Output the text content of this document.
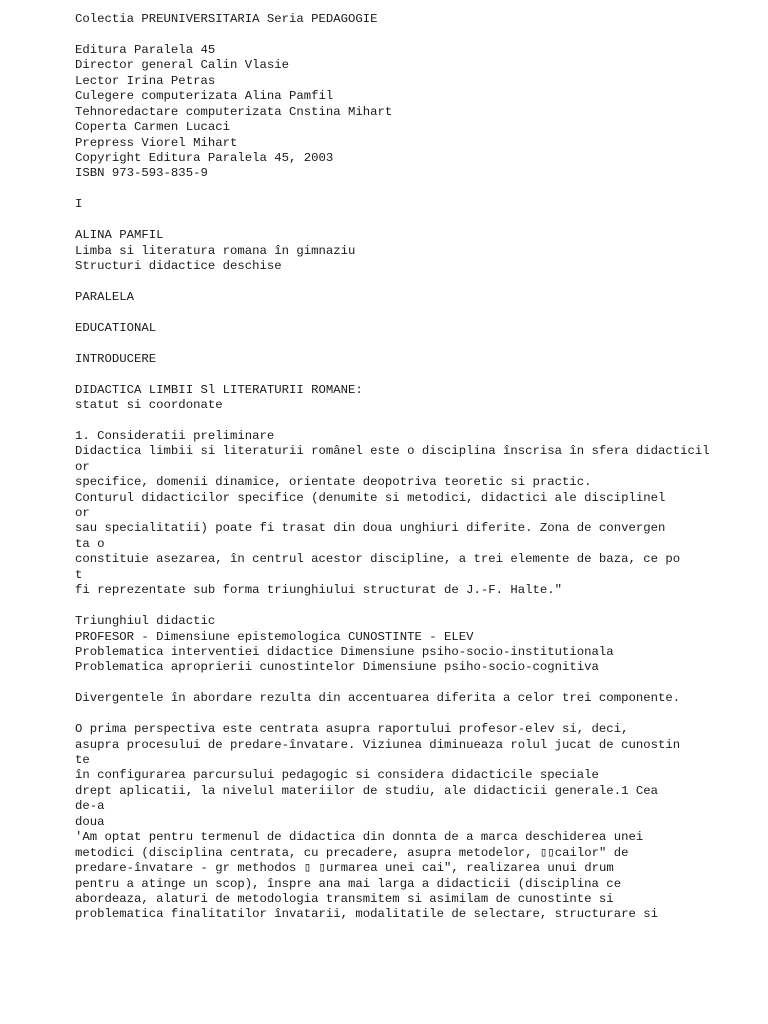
Colectia PREUNIVERSITARIA Seria PEDAGOGIE
Editura Paralela 45
Director general Calin Vlasie
Lector Irina Petras
Culegere computerizata Alina Pamfil
Tehnoredactare computerizata Cnstina Mihart
Coperta Carmen Lucaci
Prepress Viorel Mihart
Copyright Editura Paralela 45, 2003
ISBN 973-593-835-9
I
ALINA PAMFIL
Limba si literatura romana în gimnaziu
Structuri didactice deschise
PARALELA
EDUCATIONAL
INTRODUCERE
DIDACTICA LIMBII Sl LITERATURII ROMANE:
statut si coordonate
1. Consideratii preliminare
Didactica limbii si literaturii românel este o disciplina înscrisa în sfera didacticil
or
specifice, domenii dinamice, orientate deopotriva teoretic si practic.
Conturul didacticilor specifice (denumite si metodici, didactici ale disciplinel
or
sau specialitatii) poate fi trasat din doua unghiuri diferite. Zona de convergen
ta o
constituie asezarea, în centrul acestor discipline, a trei elemente de baza, ce po
t
fi reprezentate sub forma triunghiului structurat de J.-F. Halte."
Triunghiul didactic
PROFESOR - Dimensiune epistemologica CUNOSTINTE - ELEV
Problematica interventiei didactice Dimensiune psiho-socio-institutionala
Problematica aproprierii cunostintelor Dimensiune psiho-socio-cognitiva
Divergentele în abordare rezulta din accentuarea diferita a celor trei componente.
O prima perspectiva este centrata asupra raportului profesor-elev si, deci,
asupra procesului de predare-învatare. Viziunea diminueaza rolul jucat de cunostin
te
în configurarea parcursului pedagogic si considera didacticile speciale
drept aplicatii, la nivelul materiilor de studiu, ale didacticii generale.1 Cea
de-a
doua
'Am optat pentru termenul de didactica din donnta de a marca deschiderea unei
metodici (disciplina centrata, cu precadere, asupra metodelor, ▯▯cailor" de
predare-învatare - gr methodos ▯ ▯urmarea unei cai", realizarea unui drum
pentru a atinge un scop), înspre ana mai larga a didacticii (disciplina ce
abordeaza, alaturi de metodologia transmitem si asimilam de cunostinte si
problematica finalitatilor învatarii, modalitatile de selectare, structurare si
